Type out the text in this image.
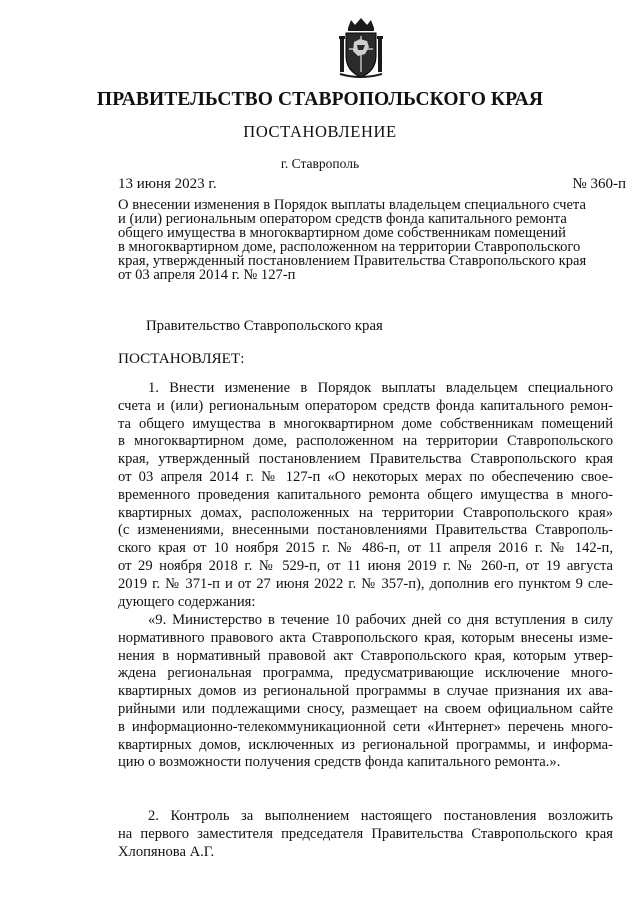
ПРАВИТЕЛЬСТВО СТАВРОПОЛЬСКОГО КРАЯ
ПОСТАНОВЛЕНИЕ
г. Ставрополь
13 июня 2023 г.	№ 360-п
О внесении изменения в Порядок выплаты владельцем специального счета
и (или) региональным оператором средств фонда капитального ремонта
общего имущества в многоквартирном доме собственникам помещений
в многоквартирном доме, расположенном на территории Ставропольского
края, утвержденный постановлением Правительства Ставропольского края
от 03 апреля 2014 г. № 127-п
Правительство Ставропольского края
ПОСТАНОВЛЯЕТ:
1. Внести изменение в Порядок выплаты владельцем специального
счета и (или) региональным оператором средств фонда капитального ремон-
та общего имущества в многоквартирном доме собственникам помещений
в многоквартирном доме, расположенном на территории Ставропольского
края, утвержденный постановлением Правительства Ставропольского края
от 03 апреля 2014 г. № 127-п «О некоторых мерах по обеспечению свое-
временного проведения капитального ремонта общего имущества в много-
квартирных домах, расположенных на территории Ставропольского края»
(с изменениями, внесенными постановлениями Правительства Ставрополь-
ского края от 10 ноября 2015 г. № 486-п, от 11 апреля 2016 г. № 142-п,
от 29 ноября 2018 г. № 529-п, от 11 июня 2019 г. № 260-п, от 19 августа
2019 г. № 371-п и от 27 июня 2022 г. № 357-п), дополнив его пунктом 9 сле-
дующего содержания:
«9. Министерство в течение 10 рабочих дней со дня вступления в силу
нормативного правового акта Ставропольского края, которым внесены изме-
нения в нормативный правовой акт Ставропольского края, которым утвер-
ждена региональная программа, предусматривающие исключение много-
квартирных домов из региональной программы в случае признания их ава-
рийными или подлежащими сносу, размещает на своем официальном сайте
в информационно-телекоммуникационной сети «Интернет» перечень много-
квартирных домов, исключенных из региональной программы, и информа-
цию о возможности получения средств фонда капитального ремонта.».
2. Контроль за выполнением настоящего постановления возложить
на первого заместителя председателя Правительства Ставропольского края
Хлопянова А.Г.
